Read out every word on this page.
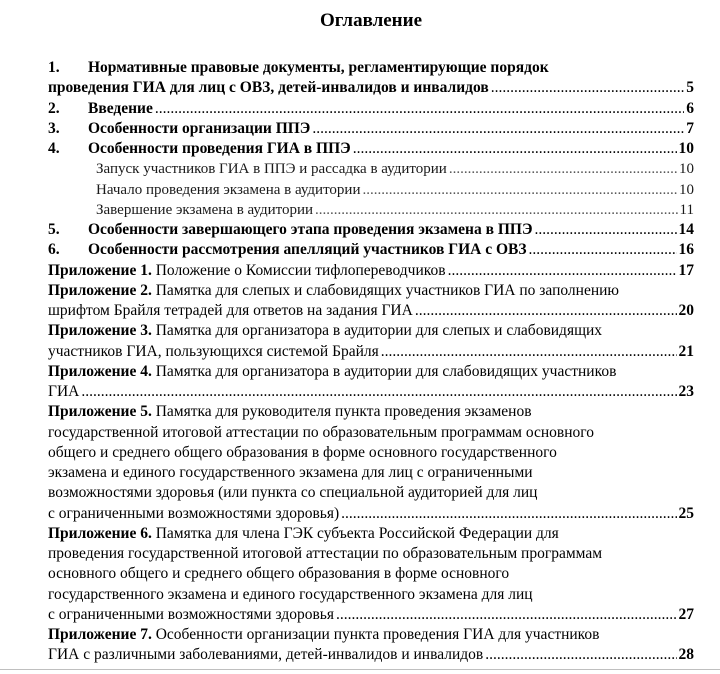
Оглавление
1. Нормативные правовые документы, регламентирующие порядок
проведения ГИА для лиц с ОВЗ, детей-инвалидов и инвалидов .....	5
2. Введение .....	6
3. Особенности организации ППЭ .....	7
4. Особенности проведения ГИА в ППЭ .....	10
Запуск участников ГИА в ППЭ и рассадка в аудитории .....	10
Начало проведения экзамена в аудитории .....	10
Завершение экзамена в аудитории .....	11
5. Особенности завершающего этапа проведения экзамена в ППЭ .....	14
6. Особенности рассмотрения апелляций участников ГИА с ОВЗ .....	16
Приложение 1. Положение о Комиссии тифлопереводчиков .....	17
Приложение 2. Памятка для слепых и слабовидящих участников ГИА по заполнению
шрифтом Брайля тетрадей для ответов на задания ГИА .....	20
Приложение 3. Памятка для организатора в аудитории для слепых и слабовидящих
участников ГИА, пользующихся системой Брайля .....	21
Приложение 4. Памятка для организатора в аудитории для слабовидящих участников
ГИА .....	23
Приложение 5. Памятка для руководителя пункта проведения экзаменов
государственной итоговой аттестации по образовательным программам основного
общего и среднего общего образования в форме основного государственного
экзамена и единого государственного экзамена для лиц с ограниченными
возможностями здоровья (или пункта со специальной аудиторией для лиц
с ограниченными возможностями здоровья) .....	25
Приложение 6. Памятка для члена ГЭК субъекта Российской Федерации для
проведения государственной итоговой аттестации по образовательным программам
основного общего и среднего общего образования в форме основного
государственного экзамена и единого государственного экзамена для лиц
с ограниченными возможностями здоровья .....	27
Приложение 7. Особенности организации пункта проведения ГИА для участников
ГИА с различными заболеваниями, детей-инвалидов и инвалидов .....	28
